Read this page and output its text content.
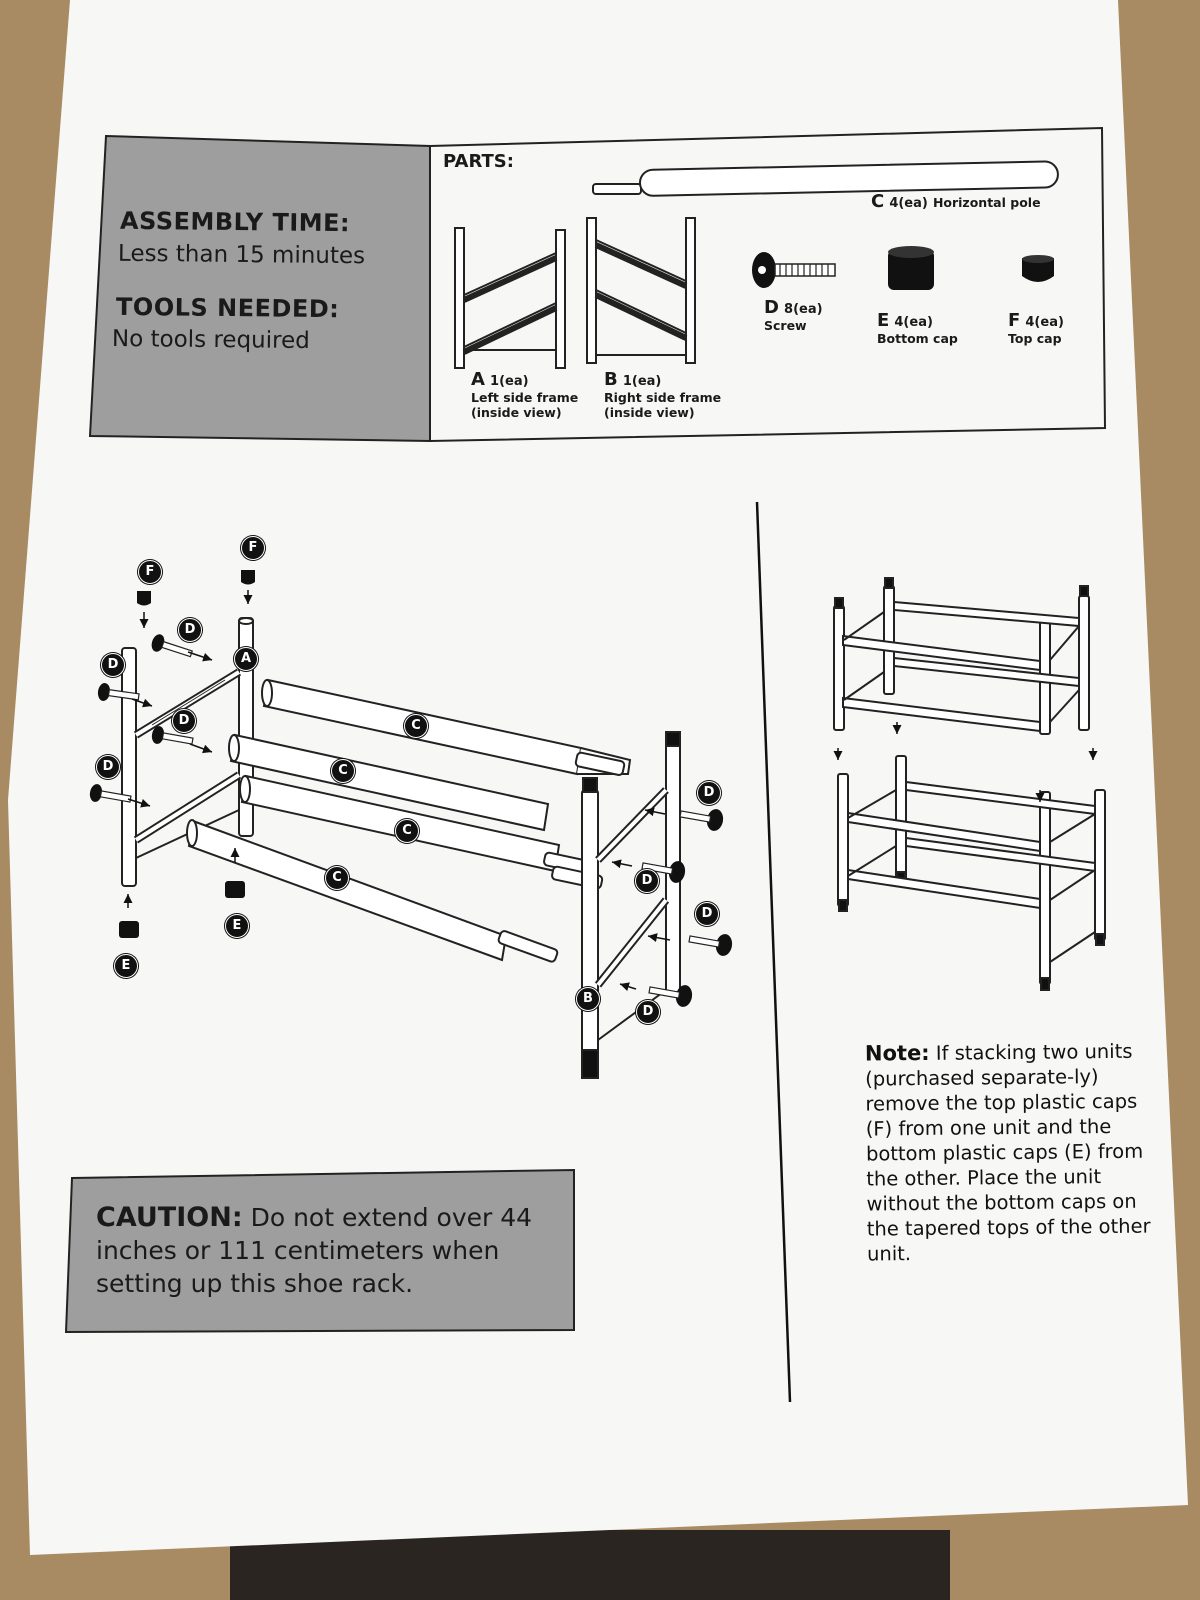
ASSEMBLY TIME:
Less than 15 minutes
TOOLS NEEDED:
No tools required
PARTS:
C 4(ea) Horizontal pole
D 8(ea)
Screw	E 4(ea)
Bottom cap
F 4(ea)
Top cap
A 1(ea)
Left side frame
(inside view)
B 1(ea)
Right side frame
(inside view)
F
F
D
D	A
D
D
C
C
C
C
E
E
D
D
D
B
D
CAUTION: Do not extend over 44 inches or 111 centimeters when setting up this shoe rack.
Note: If stacking two units (purchased separate-ly) remove the top plastic caps (F) from one unit and the bottom plastic caps (E) from the other. Place the unit without the bottom caps on the tapered tops of the other unit.
